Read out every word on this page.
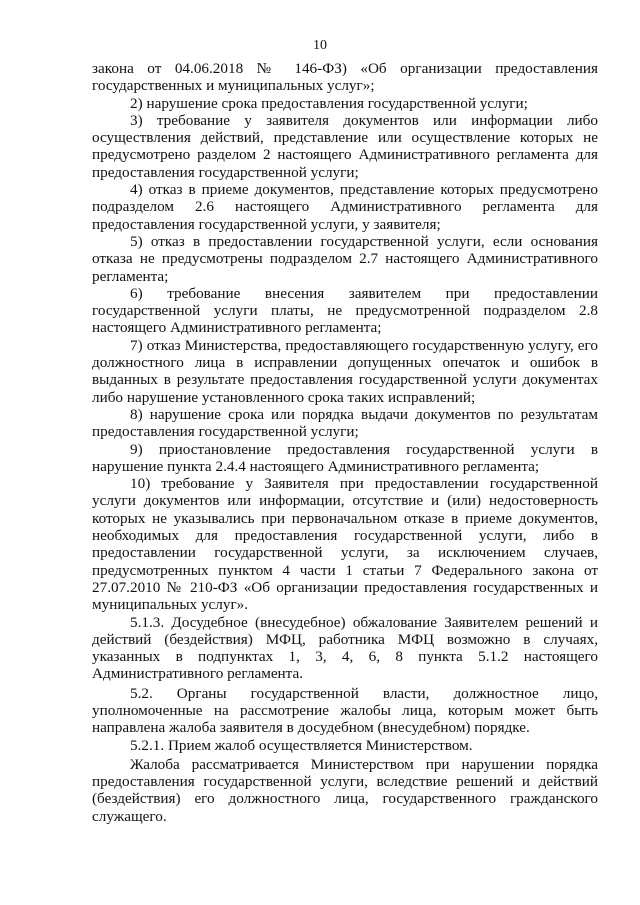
10

закона от 04.06.2018 № 146-ФЗ) «Об организации предоставления государственных и муниципальных услуг»;

2) нарушение срока предоставления государственной услуги;

3) требование у заявителя документов или информации либо осуществления действий, представление или осуществление которых не предусмотрено разделом 2 настоящего Административного регламента для предоставления государственной услуги;

4) отказ в приеме документов, представление которых предусмотрено подразделом 2.6 настоящего Административного регламента для предоставления государственной услуги, у заявителя;

5) отказ в предоставлении государственной услуги, если основания отказа не предусмотрены подразделом 2.7 настоящего Административного регламента;

6) требование внесения заявителем при предоставлении государственной услуги платы, не предусмотренной подразделом 2.8 настоящего Административного регламента;

7) отказ Министерства, предоставляющего государственную услугу, его должностного лица в исправлении допущенных опечаток и ошибок в выданных в результате предоставления государственной услуги документах либо нарушение установленного срока таких исправлений;

8) нарушение срока или порядка выдачи документов по результатам предоставления государственной услуги;

9) приостановление предоставления государственной услуги в нарушение пункта 2.4.4 настоящего Административного регламента;

10) требование у Заявителя при предоставлении государственной услуги документов или информации, отсутствие и (или) недостоверность которых не указывались при первоначальном отказе в приеме документов, необходимых для предоставления государственной услуги, либо в предоставлении государственной услуги, за исключением случаев, предусмотренных пунктом 4 части 1 статьи 7 Федерального закона от 27.07.2010 № 210-ФЗ «Об организации предоставления государственных и муниципальных услуг».

5.1.3. Досудебное (внесудебное) обжалование Заявителем решений и действий (бездействия) МФЦ, работника МФЦ возможно в случаях, указанных в подпунктах 1, 3, 4, 6, 8 пункта 5.1.2 настоящего Административного регламента.

5.2. Органы государственной власти, должностное лицо, уполномоченные на рассмотрение жалобы лица, которым может быть направлена жалоба заявителя в досудебном (внесудебном) порядке.

5.2.1. Прием жалоб осуществляется Министерством.

Жалоба рассматривается Министерством при нарушении порядка предоставления государственной услуги, вследствие решений и действий (бездействия) его должностного лица, государственного гражданского служащего.
